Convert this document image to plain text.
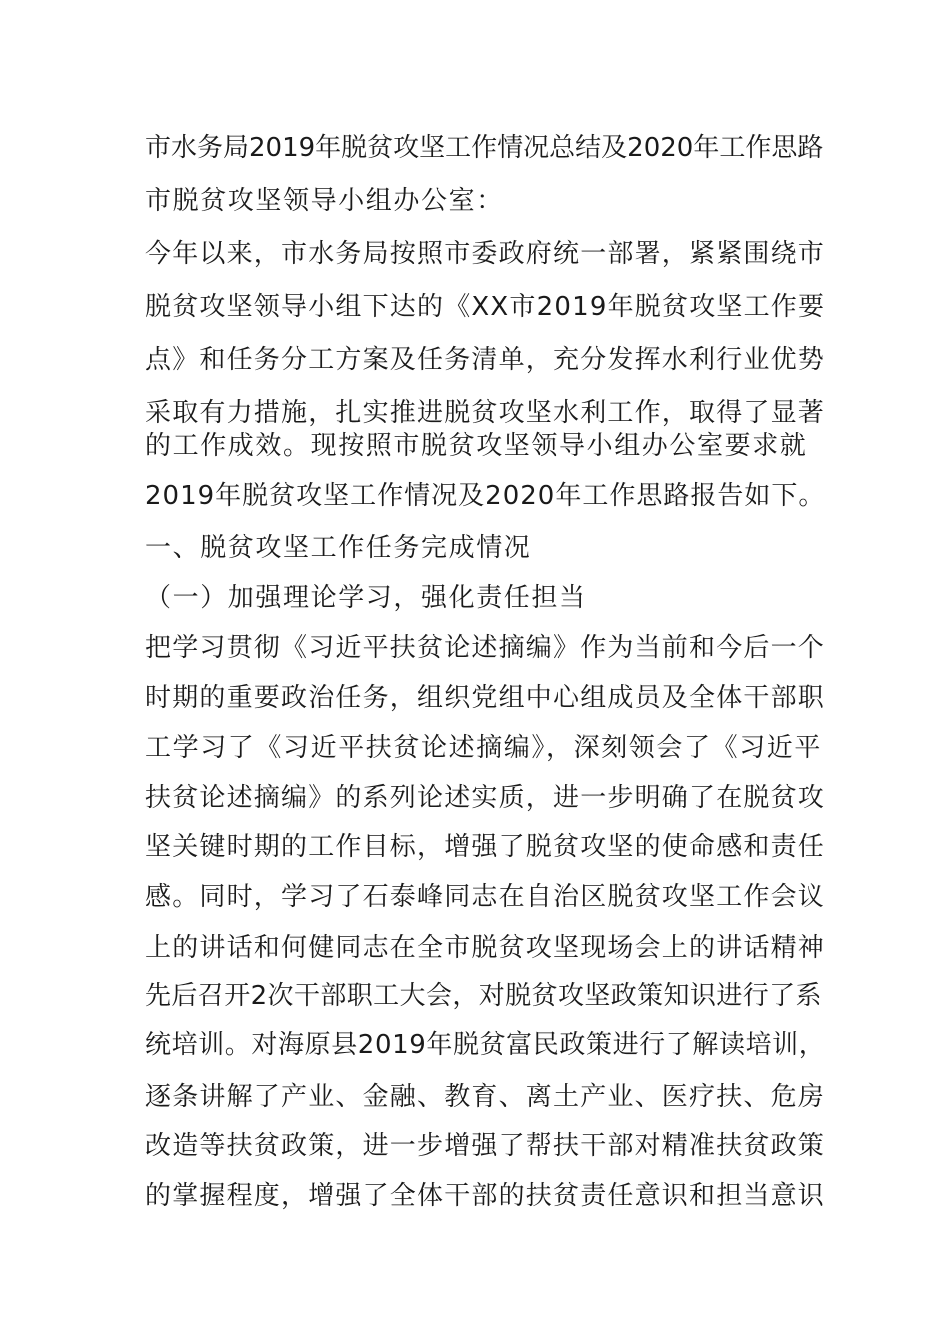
市水务局2019年脱贫攻坚工作情况总结及2020年工作思路
市脱贫攻坚领导小组办公室：
今年以来，市水务局按照市委政府统一部署，紧紧围绕市
脱贫攻坚领导小组下达的《XX市2019年脱贫攻坚工作要
点》和任务分工方案及任务清单，充分发挥水利行业优势
采取有力措施，扎实推进脱贫攻坚水利工作，取得了显著
的工作成效。现按照市脱贫攻坚领导小组办公室要求就
2019年脱贫攻坚工作情况及2020年工作思路报告如下。
一、脱贫攻坚工作任务完成情况
（一）加强理论学习，强化责任担当
把学习贯彻《习近平扶贫论述摘编》作为当前和今后一个
时期的重要政治任务，组织党组中心组成员及全体干部职
工学习了《习近平扶贫论述摘编》，深刻领会了《习近平
扶贫论述摘编》的系列论述实质，进一步明确了在脱贫攻
坚关键时期的工作目标，增强了脱贫攻坚的使命感和责任
感。同时，学习了石泰峰同志在自治区脱贫攻坚工作会议
上的讲话和何健同志在全市脱贫攻坚现场会上的讲话精神
先后召开2次干部职工大会，对脱贫攻坚政策知识进行了系
统培训。对海原县2019年脱贫富民政策进行了解读培训，
逐条讲解了产业、金融、教育、离土产业、医疗扶、危房
改造等扶贫政策，进一步增强了帮扶干部对精准扶贫政策
的掌握程度，增强了全体干部的扶贫责任意识和担当意识
